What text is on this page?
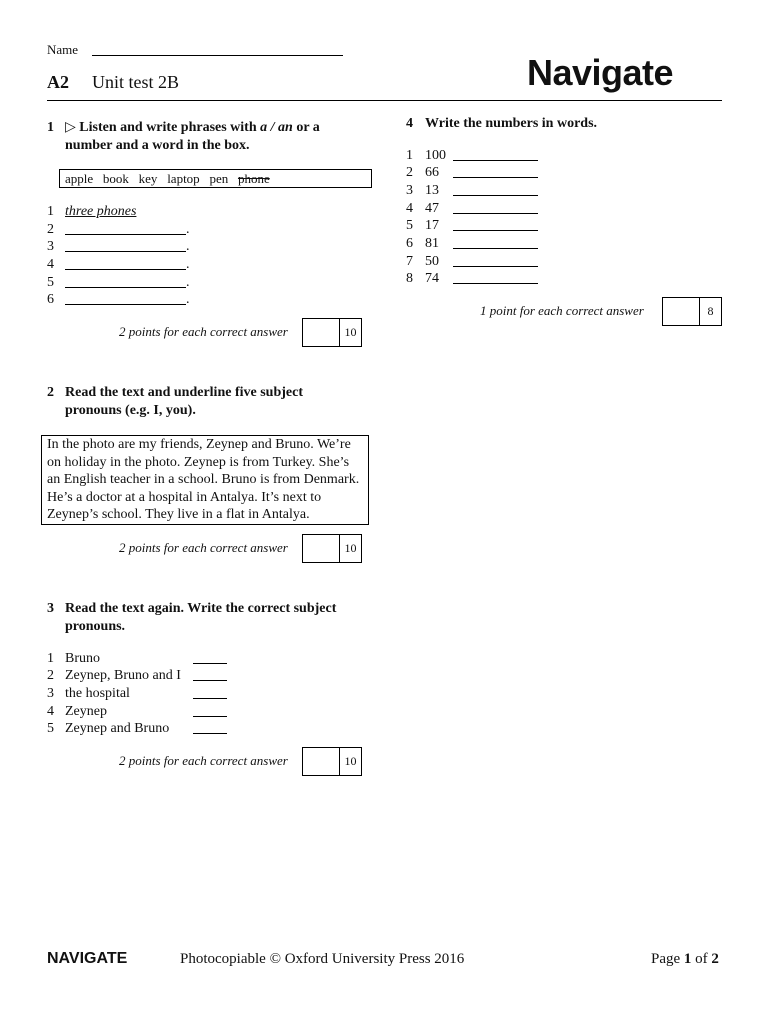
Name
A2 Unit test 2B	Navigate
1 ▷ Listen and write phrases with a / an or a number and a word in the box.
apple book key laptop pen phone
1 three phones
2	.
3	.
4	.
5	.
6	.
2 points for each correct answer	10
2 Read the text and underline five subject pronouns (e.g. I, you).
In the photo are my friends, Zeynep and Bruno. We’re on holiday in the photo. Zeynep is from Turkey. She’s an English teacher in a school. Bruno is from Denmark. He’s a doctor at a hospital in Antalya. It’s next to Zeynep’s school. They live in a flat in Antalya.
2 points for each correct answer	10
3 Read the text again. Write the correct subject pronouns.
1 Bruno
2 Zeynep, Bruno and I
3 the hospital
4 Zeynep
5 Zeynep and Bruno
2 points for each correct answer	10
4 Write the numbers in words.
1 100
2 66
3 13
4 47
5 17
6 81
7 50
8 74
1 point for each correct answer	8
NAVIGATE	Photocopiable © Oxford University Press 2016	Page 1 of 2
